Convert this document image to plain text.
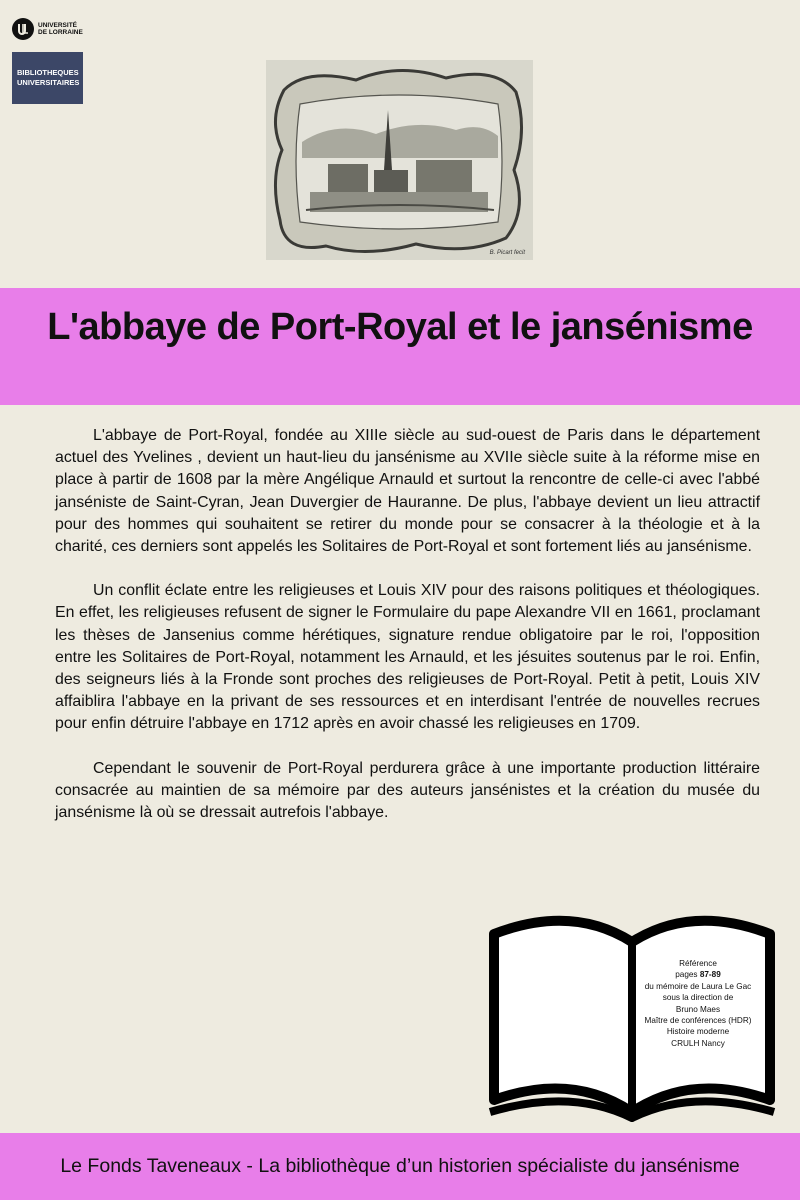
UNIVERSITÉ
DE LORRAINE
BIBLIOTHEQUES
UNIVERSITAIRES
B. Picart fecit
L'abbaye de Port-Royal et le jansénisme

L'abbaye de Port-Royal, fondée au XIIIe siècle au sud-ouest de Paris dans le département actuel des Yvelines , devient un haut-lieu du jansénisme au XVIIe siècle suite à la réforme mise en place à partir de 1608 par la mère Angélique Arnauld et surtout la rencontre de celle-ci avec l'abbé janséniste de Saint-Cyran, Jean Duvergier de Hauranne. De plus, l'abbaye devient un lieu attractif pour des hommes qui souhaitent se retirer du monde pour se consacrer à la théologie et à la charité, ces derniers sont appelés les Solitaires de Port-Royal et sont fortement liés au jansénisme.

Un conflit éclate entre les religieuses et Louis XIV pour des raisons politiques et théologiques. En effet, les religieuses refusent de signer le Formulaire du pape Alexandre VII en 1661, proclamant les thèses de Jansenius comme hérétiques, signature rendue obligatoire par le roi, l'opposition entre les Solitaires de Port-Royal, notamment les Arnauld, et les jésuites soutenus par le roi. Enfin, des seigneurs liés à la Fronde sont proches des religieuses de Port-Royal. Petit à petit, Louis XIV affaiblira l'abbaye en la privant de ses ressources et en interdisant l'entrée de nouvelles recrues pour enfin détruire l'abbaye en 1712 après en avoir chassé les religieuses en 1709.

Cependant le souvenir de Port-Royal perdurera grâce à une importante production littéraire consacrée au maintien de sa mémoire par des auteurs jansénistes et la création du musée du jansénisme là où se dressait autrefois l'abbaye.

Référence
pages 87-89
du mémoire de Laura Le Gac
sous la direction de
Bruno Maes
Maître de conférences (HDR)
Histoire moderne
CRULH Nancy
Le Fonds Taveneaux - La bibliothèque d’un historien spécialiste du jansénisme
